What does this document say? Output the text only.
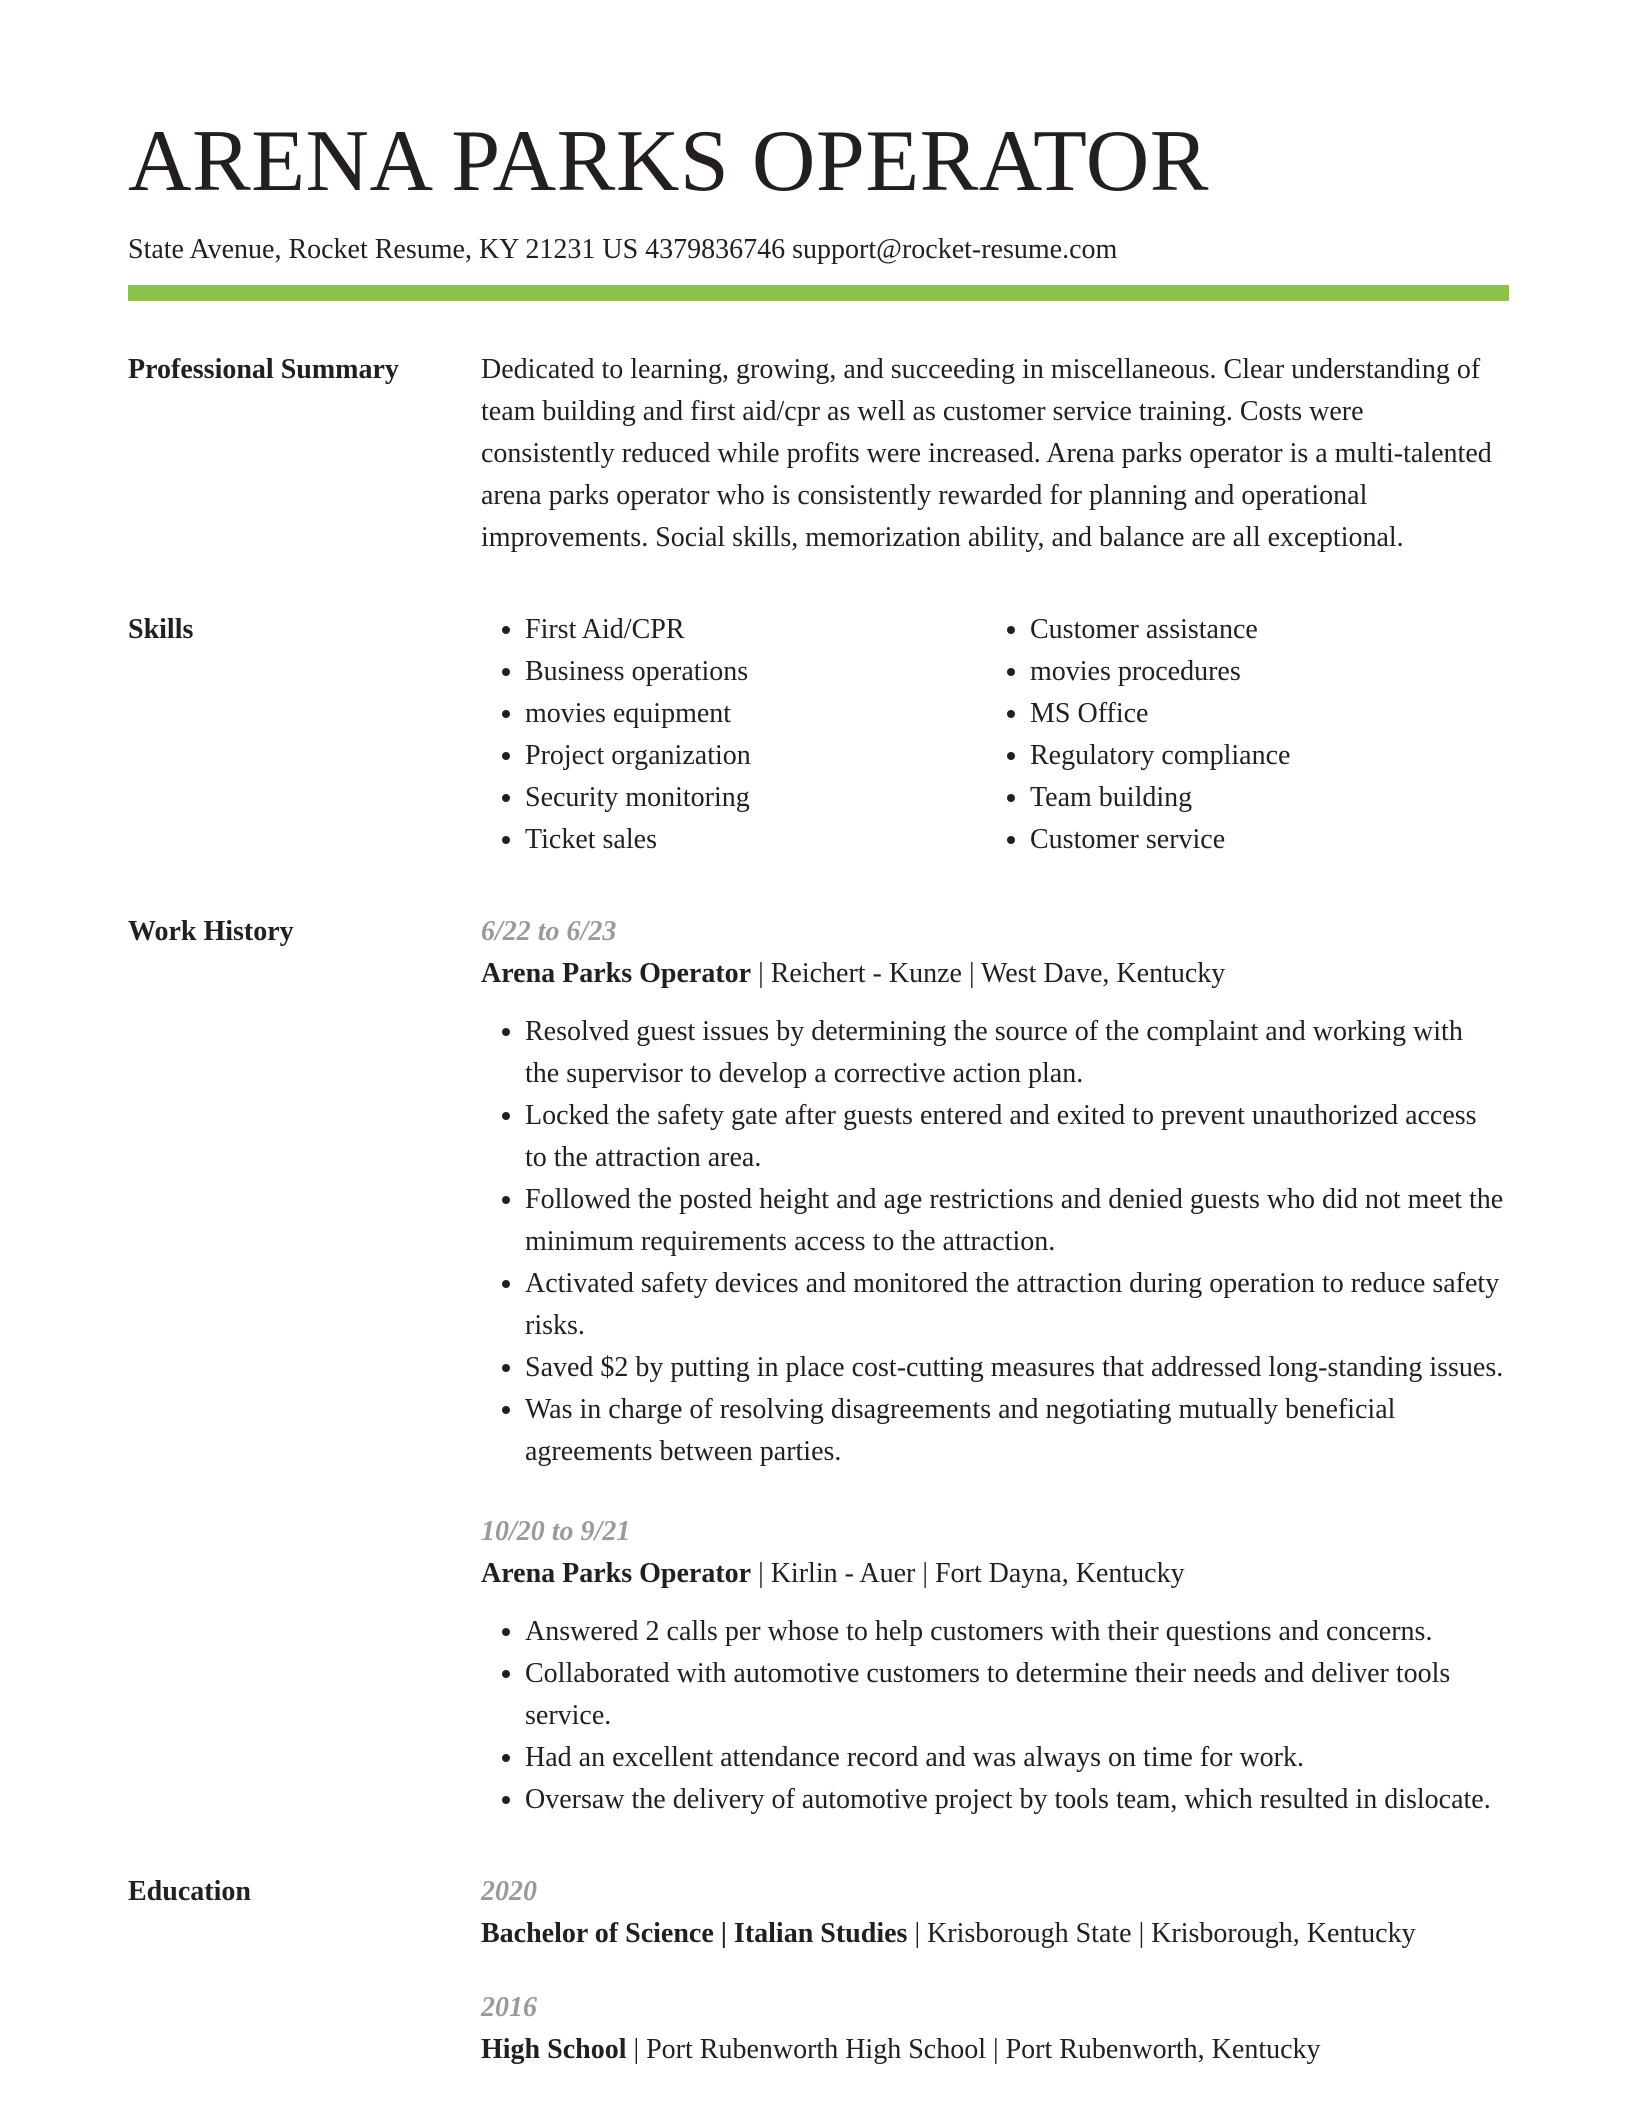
ARENA PARKS OPERATOR
State Avenue, Rocket Resume, KY 21231 US 4379836746 support@rocket-resume.com
Professional Summary	Dedicated to learning, growing, and succeeding in miscellaneous. Clear understanding of team building and first aid/cpr as well as customer service training. Costs were consistently reduced while profits were increased. Arena parks operator is a multi-talented arena parks operator who is consistently rewarded for planning and operational improvements. Social skills, memorization ability, and balance are all exceptional.

Skills
•	First Aid/CPR
• Business operations
• movies equipment
• Project organization
• Security monitoring
• Ticket sales
• Customer assistance
• movies procedures
• MS Office
• Regulatory compliance
• Team building
• Customer service
Work History	6/22 to 6/23
Arena Parks Operator | Reichert - Kunze | West Dave, Kentucky
• Resolved guest issues by determining the source of the complaint and working with the supervisor to develop a corrective action plan.
• Locked the safety gate after guests entered and exited to prevent unauthorized access to the attraction area.
• Followed the posted height and age restrictions and denied guests who did not meet the minimum requirements access to the attraction.
• Activated safety devices and monitored the attraction during operation to reduce safety risks.
• Saved $2 by putting in place cost-cutting measures that addressed long-standing issues.
• Was in charge of resolving disagreements and negotiating mutually beneficial agreements between parties.
10/20 to 9/21
Arena Parks Operator | Kirlin - Auer | Fort Dayna, Kentucky
• Answered 2 calls per whose to help customers with their questions and concerns.
• Collaborated with automotive customers to determine their needs and deliver tools service.
• Had an excellent attendance record and was always on time for work.
• Oversaw the delivery of automotive project by tools team, which resulted in dislocate.
Education	2020
Bachelor of Science | Italian Studies | Krisborough State | Krisborough, Kentucky
2016
High School | Port Rubenworth High School | Port Rubenworth, Kentucky
